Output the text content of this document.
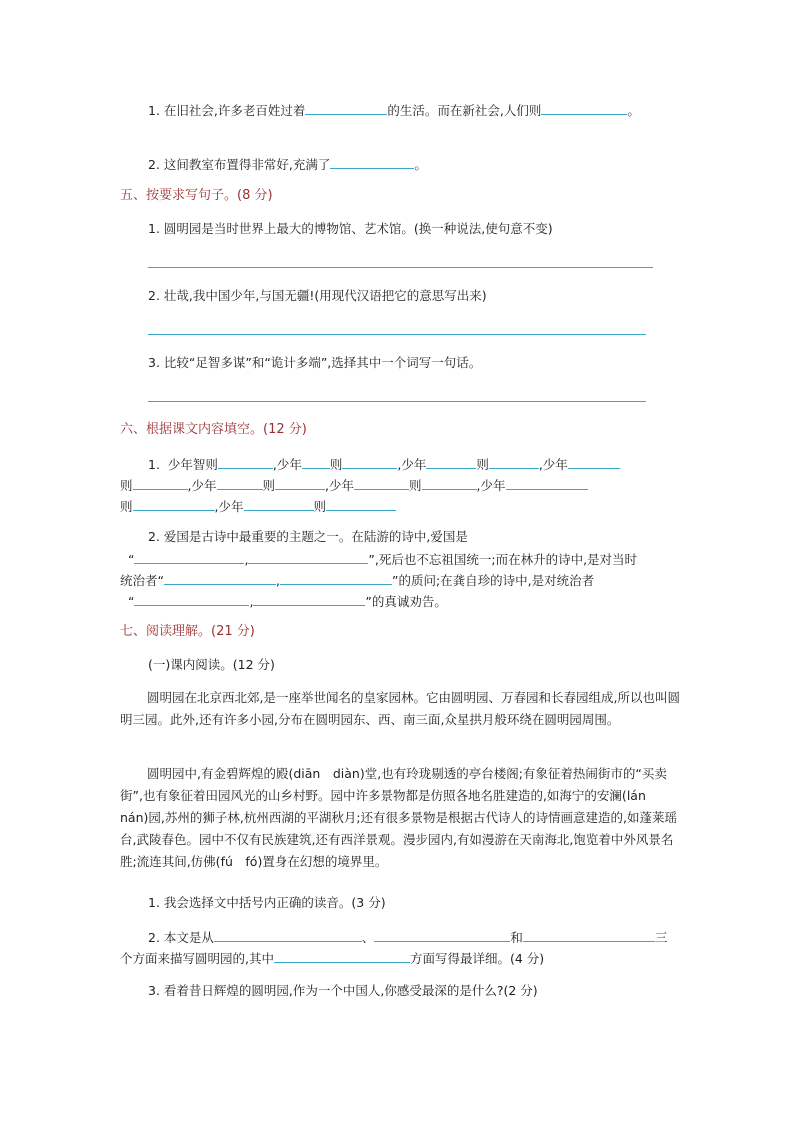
1. 在旧社会,许多老百姓过着	的生活。而在新社会,人们则	。
2. 这间教室布置得非常好,充满了	。
五、按要求写句子。(8 分)
1. 圆明园是当时世界上最大的博物馆、艺术馆。(换一种说法,使句意不变)
2. 壮哉,我中国少年,与国无疆!(用现代汉语把它的意思写出来)
3. 比较“足智多谋”和“诡计多端”,选择其中一个词写一句话。
六、根据课文内容填空。(12 分)
1. 少年智则	,少年 则	,少年	则	,少年
则	,少年	则	,少年	则	,少年
则	,少年	则
2. 爱国是古诗中最重要的主题之一。在陆游的诗中,爱国是
“	,	”,死后也不忘祖国统一;而在林升的诗中,是对当时
统治者“	,	”的质问;在龚自珍的诗中,是对统治者
“	,	”的真诚劝告。
七、阅读理解。(21 分)
(一)课内阅读。(12 分)
圆明园在北京西北郊,是一座举世闻名的皇家园林。它由圆明园、万春园和长春园组成,所以也叫圆明三园。此外,还有许多小园,分布在圆明园东、西、南三面,众星拱月般环绕在圆明园周围。
圆明园中,有金碧辉煌的殿(diān　diàn)堂,也有玲珑剔透的亭台楼阁;有象征着热闹街市的“买卖街”,也有象征着田园风光的山乡村野。园中许多景物都是仿照各地名胜建造的,如海宁的安澜(lán　nán)园,苏州的狮子林,杭州西湖的平湖秋月;还有很多景物是根据古代诗人的诗情画意建造的,如蓬莱瑶台,武陵春色。园中不仅有民族建筑,还有西洋景观。漫步园内,有如漫游在天南海北,饱览着中外风景名胜;流连其间,仿佛(fú　fó)置身在幻想的境界里。
1. 我会选择文中括号内正确的读音。(3 分)
2. 本文是从	、	和	三
个方面来描写圆明园的,其中	方面写得最详细。(4 分)
3. 看着昔日辉煌的圆明园,作为一个中国人,你感受最深的是什么?(2 分)
